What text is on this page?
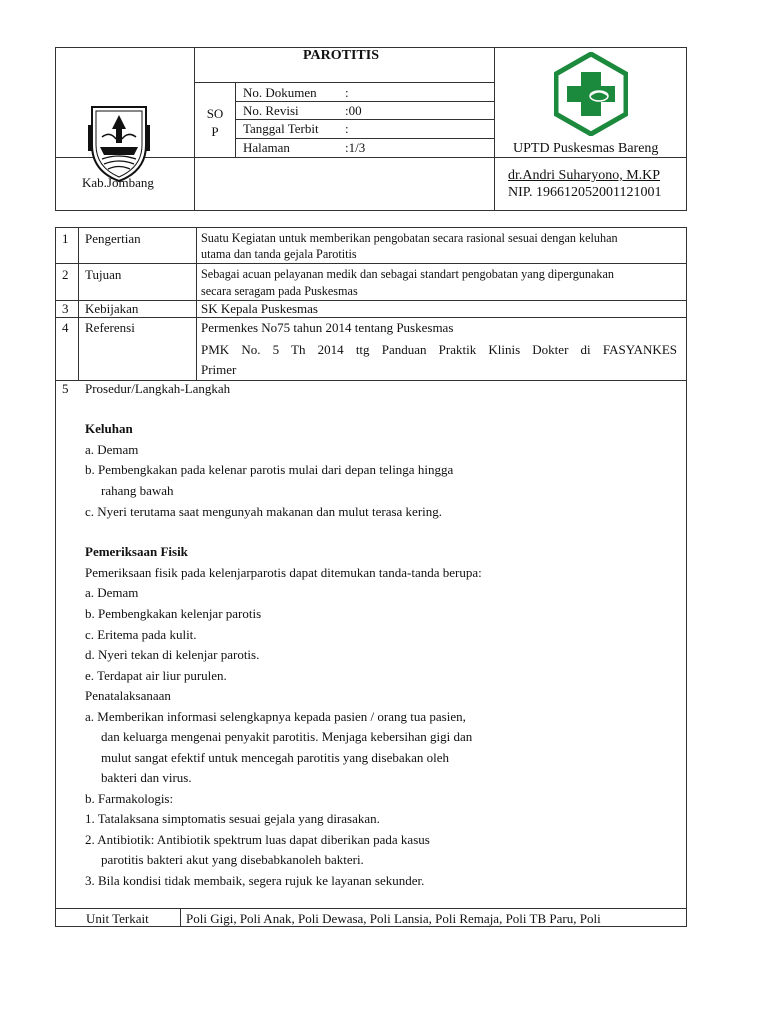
PAROTITIS
SO P
No. Dokumen :
No. Revisi	:00
Tanggal Terbit :
Halaman	:1/3
Kab.Jombang
UPTD Puskesmas Bareng
dr.Andri Suharyono, M.KP
NIP. 196612052001121001
1 Pengertian	Suatu Kegiatan untuk memberikan pengobatan secara rasional sesuai dengan keluhan
utama dan tanda gejala Parotitis
2 Tujuan	Sebagai acuan pelayanan medik dan sebagai standart pengobatan yang dipergunakan
secara seragam pada Puskesmas
3 Kebijakan	SK Kepala Puskesmas
4 Referensi	Permenkes No75 tahun 2014 tentang Puskesmas
PMK No. 5 Th 2014 ttg Panduan Praktik Klinis Dokter di FASYANKES
Primer
5 Prosedur/Langkah-Langkah
Keluhan
a. Demam
b. Pembengkakan pada kelenar parotis mulai dari depan telinga hingga
rahang bawah
c. Nyeri terutama saat mengunyah makanan dan mulut terasa kering.
Pemeriksaan Fisik
Pemeriksaan fisik pada kelenjarparotis dapat ditemukan tanda-tanda berupa:
a. Demam
b. Pembengkakan kelenjar parotis
c. Eritema pada kulit.
d. Nyeri tekan di kelenjar parotis.
e. Terdapat air liur purulen.
Penatalaksanaan
a. Memberikan informasi selengkapnya kepada pasien / orang tua pasien,
dan keluarga mengenai penyakit parotitis. Menjaga kebersihan gigi dan
mulut sangat efektif untuk mencegah parotitis yang disebakan oleh
bakteri dan virus.
b. Farmakologis:
1. Tatalaksana simptomatis sesuai gejala yang dirasakan.
2. Antibiotik: Antibiotik spektrum luas dapat diberikan pada kasus
parotitis bakteri akut yang disebabkanoleh bakteri.
3. Bila kondisi tidak membaik, segera rujuk ke layanan sekunder.
Unit Terkait	Poli Gigi, Poli Anak, Poli Dewasa, Poli Lansia, Poli Remaja, Poli TB Paru, Poli
